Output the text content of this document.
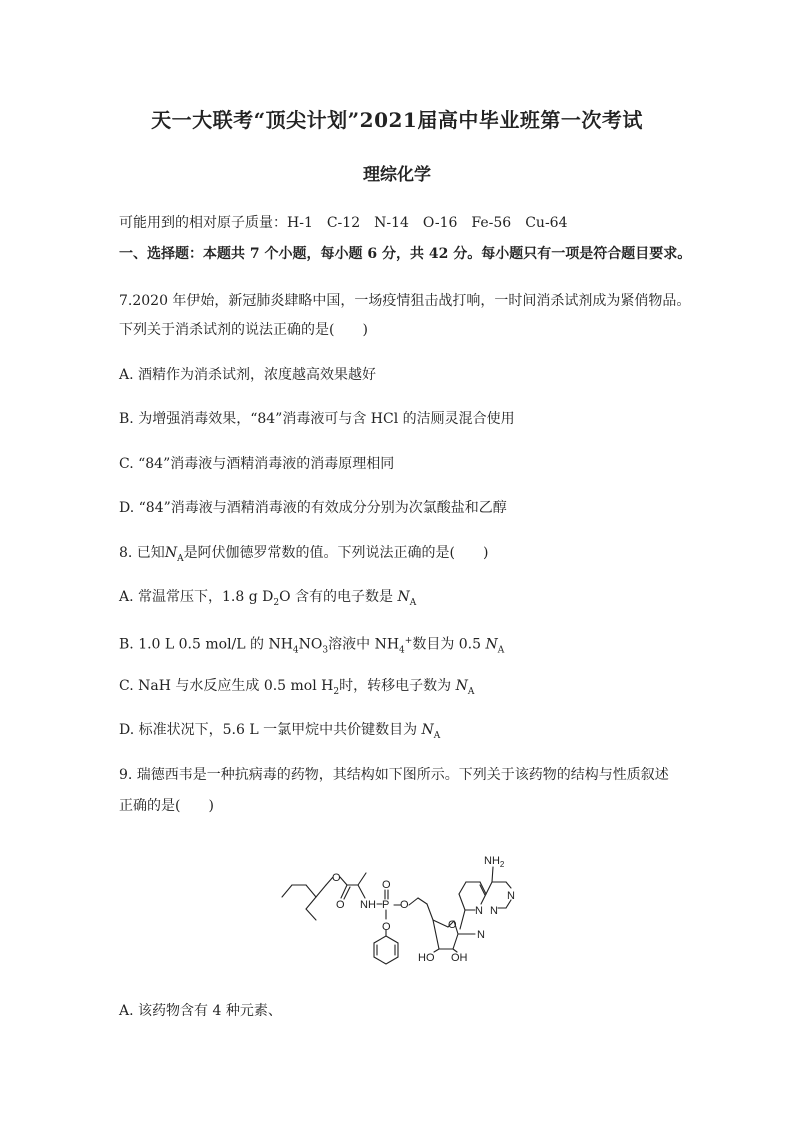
天一大联考“顶尖计划”2021届高中毕业班第一次考试
理综化学
可能用到的相对原子质量：H-1　C-12　N-14　O-16　Fe-56　Cu-64
一、选择题：本题共 7 个小题，每小题 6 分，共 42 分。每小题只有一项是符合题目要求。
7.2020 年伊始，新冠肺炎肆略中国，一场疫情狙击战打响，一时间消杀试剂成为紧俏物品。
下列关于消杀试剂的说法正确的是(　　)
A. 酒精作为消杀试剂，浓度越高效果越好
B. 为增强消毒效果，“84”消毒液可与含 HCl 的洁厕灵混合使用
C. “84”消毒液与酒精消毒液的消毒原理相同
D. “84”消毒液与酒精消毒液的有效成分分别为次氯酸盐和乙醇
8. 已知$N_A$是阿伏伽德罗常数的值。下列说法正确的是(　　)
A. 常温常压下，1.8 g $D_2O$ 含有的电子数是 $N_A$
B. 1.0 L 0.5 mol/L 的 $NH_4NO_3$溶液中 $NH_4^+$数目为 0.5 $N_A$
C. NaH 与水反应生成 0.5 mol $H_2$时，转移电子数为 $N_A$
D. 标准状况下，5.6 L 一氯甲烷中共价键数目为 $N_A$
9. 瑞德西韦是一种抗病毒的药物，其结构如下图所示。下列关于该药物的结构与性质叙述
正确的是(　　)
O
O NH P
O
O
O	O
N N
N
N
HO OH
$NH_2$
A. 该药物含有 4 种元素、
